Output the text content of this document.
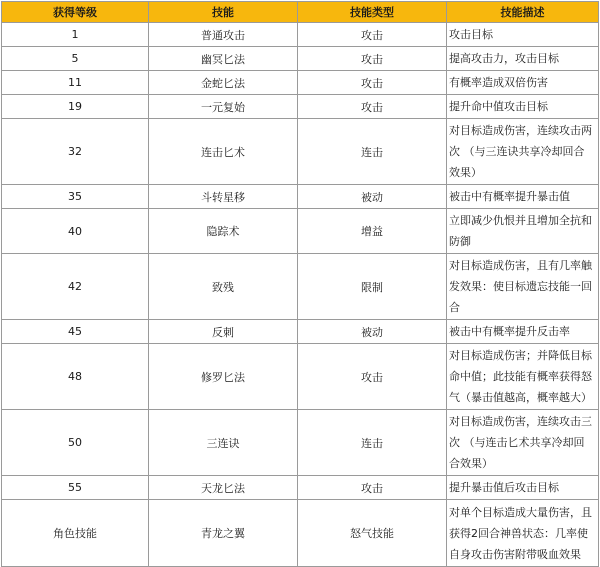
获得等级	技能	技能类型	技能描述
1	普通攻击	攻击	攻击目标
5	幽冥匕法	攻击	提高攻击力，攻击目标
11	金蛇匕法	攻击	有概率造成双倍伤害
19	一元复始	攻击	提升命中值攻击目标
32	连击匕术	连击	对目标造成伤害，连续攻击两次 （与三连诀共享冷却回合效果）
35	斗转星移	被动	被击中有概率提升暴击值
40	隐踪术	增益	立即减少仇恨并且增加全抗和防御
42	致残	限制	对目标造成伤害，且有几率触发效果：使目标遗忘技能一回合
45	反刺	被动	被击中有概率提升反击率
48	修罗匕法	攻击	对目标造成伤害；并降低目标命中值；此技能有概率获得怒气（暴击值越高，概率越大）
50	三连诀	连击	对目标造成伤害，连续攻击三次 （与连击匕术共享冷却回合效果）
55	天龙匕法	攻击	提升暴击值后攻击目标
角色技能	青龙之翼	怒气技能	对单个目标造成大量伤害，且获得2回合神兽状态：几率使自身攻击伤害附带吸血效果
